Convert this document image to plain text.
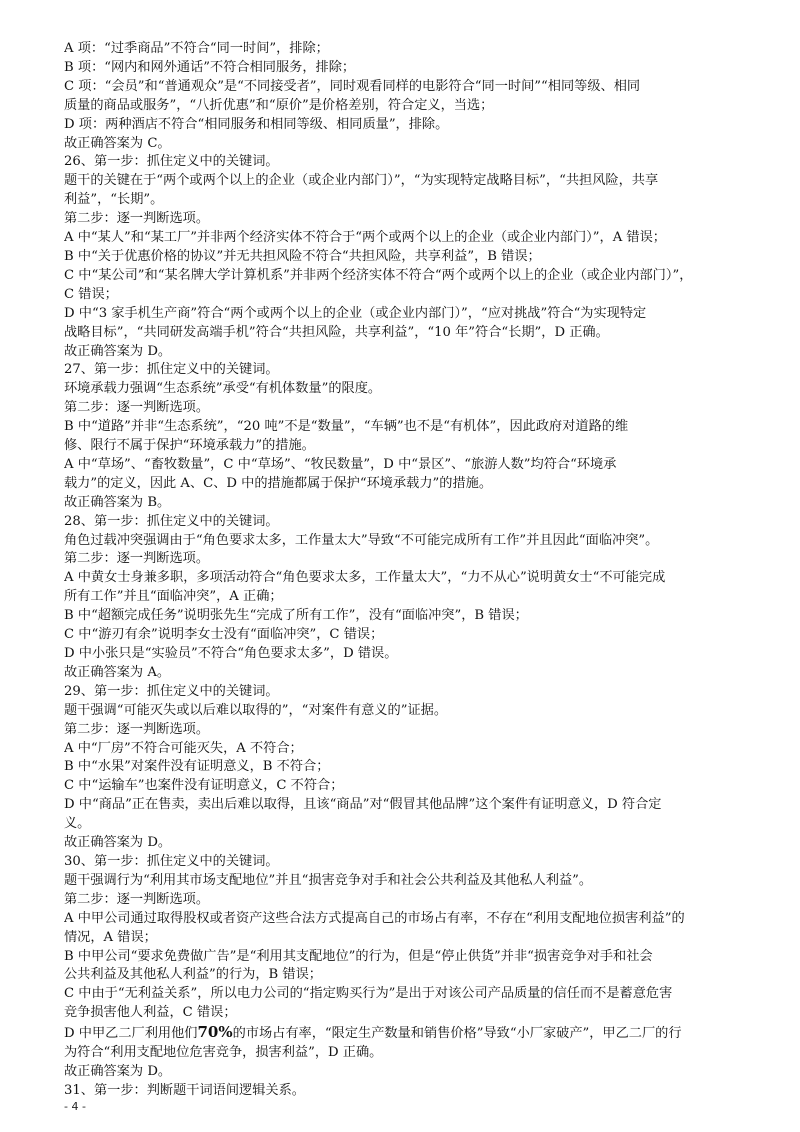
A 项：“过季商品”不符合“同一时间”，排除；
B 项：“网内和网外通话”不符合相同服务，排除；
C 项：“会员”和“普通观众”是“不同接受者”，同时观看同样的电影符合“同一时间”“相同等级、相同
质量的商品或服务”，“八折优惠”和“原价”是价格差别，符合定义，当选；
D 项：两种酒店不符合“相同服务和相同等级、相同质量”，排除。
故正确答案为 C。
26、第一步：抓住定义中的关键词。
题干的关键在于“两个或两个以上的企业（或企业内部门）”，“为实现特定战略目标”，“共担风险，共享
利益”，“长期”。
第二步：逐一判断选项。
A 中“某人”和“某工厂”并非两个经济实体不符合于“两个或两个以上的企业（或企业内部门）”，A 错误；
B 中“关于优惠价格的协议”并无共担风险不符合“共担风险，共享利益”，B 错误；
C 中“某公司”和“某名牌大学计算机系”并非两个经济实体不符合“两个或两个以上的企业（或企业内部门）”，
C 错误；
D 中“3 家手机生产商”符合“两个或两个以上的企业（或企业内部门）”，“应对挑战”符合“为实现特定
战略目标”，“共同研发高端手机”符合“共担风险，共享利益”，“10 年”符合“长期”，D 正确。
故正确答案为 D。
27、第一步：抓住定义中的关键词。
环境承载力强调“生态系统”承受“有机体数量”的限度。
第二步：逐一判断选项。
B 中“道路”并非“生态系统”，“20 吨”不是“数量”，“车辆”也不是“有机体”，因此政府对道路的维
修、限行不属于保护“环境承载力”的措施。
A 中“草场”、“畜牧数量”，C 中“草场”、“牧民数量”，D 中“景区”、“旅游人数”均符合“环境承
载力”的定义，因此 A、C、D 中的措施都属于保护“环境承载力”的措施。
故正确答案为 B。
28、第一步：抓住定义中的关键词。
角色过载冲突强调由于“角色要求太多，工作量太大”导致“不可能完成所有工作”并且因此“面临冲突”。
第二步：逐一判断选项。
A 中黄女士身兼多职，多项活动符合“角色要求太多，工作量太大”，“力不从心”说明黄女士“不可能完成
所有工作”并且“面临冲突”，A 正确；
B 中“超额完成任务”说明张先生“完成了所有工作”，没有“面临冲突”，B 错误；
C 中“游刃有余”说明李女士没有“面临冲突”，C 错误；
D 中小张只是“实验员”不符合“角色要求太多”，D 错误。
故正确答案为 A。
29、第一步：抓住定义中的关键词。
题干强调“可能灭失或以后难以取得的”，“对案件有意义的”证据。
第二步：逐一判断选项。
A 中“厂房”不符合可能灭失，A 不符合；
B 中“水果”对案件没有证明意义，B 不符合；
C 中“运输车”也案件没有证明意义，C 不符合；
D 中“商品”正在售卖，卖出后难以取得，且该“商品”对“假冒其他品牌”这个案件有证明意义，D 符合定
义。
故正确答案为 D。
30、第一步：抓住定义中的关键词。
题干强调行为“利用其市场支配地位”并且“损害竞争对手和社会公共利益及其他私人利益”。
第二步：逐一判断选项。
A 中甲公司通过取得股权或者资产这些合法方式提高自己的市场占有率，不存在“利用支配地位损害利益”的
情况，A 错误；
B 中甲公司“要求免费做广告”是“利用其支配地位”的行为，但是“停止供货”并非“损害竞争对手和社会
公共利益及其他私人利益”的行为，B 错误；
C 中由于“无利益关系”，所以电力公司的“指定购买行为”是出于对该公司产品质量的信任而不是蓄意危害
竞争损害他人利益，C 错误；
D 中甲乙二厂利用他们70%的市场占有率，“限定生产数量和销售价格”导致“小厂家破产”，甲乙二厂的行
为符合“利用支配地位危害竞争，损害利益”，D 正确。
故正确答案为 D。
31、第一步：判断题干词语间逻辑关系。
- 4 -
